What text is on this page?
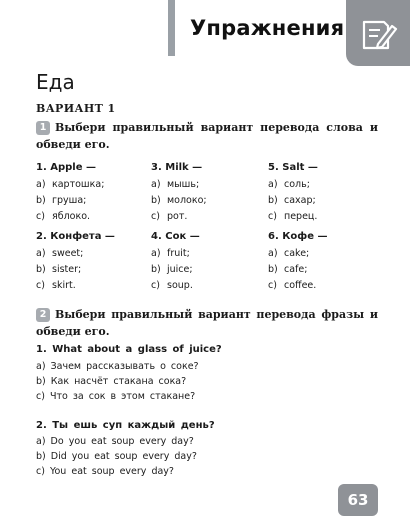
Упражнения
Еда
ВАРИАНТ 1
1 Выбери правильный вариант перевода слова и обведи его.
1. Apple —	3. Milk —	5. Salt —
a) картошка;
b) груша;
c) яблоко.
a) мышь;
b) молоко;
c) рот.
a) соль;
b) сахар;
c) перец.
2. Конфета —	4. Сок —	6. Кофе —
a) sweet;
b) sister;
c) skirt.
a) fruit;
b) juice;
c) soup.
a) cake;
b) cafe;
c) coffee.
2 Выбери правильный вариант перевода фразы и обведи его.
1. What about a glass of juice?
a) Зачем рассказывать о соке?
b) Как насчёт стакана сока?
c) Что за сок в этом стакане?
2. Ты ешь суп каждый день?
a) Do you eat soup every day?
b) Did you eat soup every day?
c) You eat soup every day?
63
